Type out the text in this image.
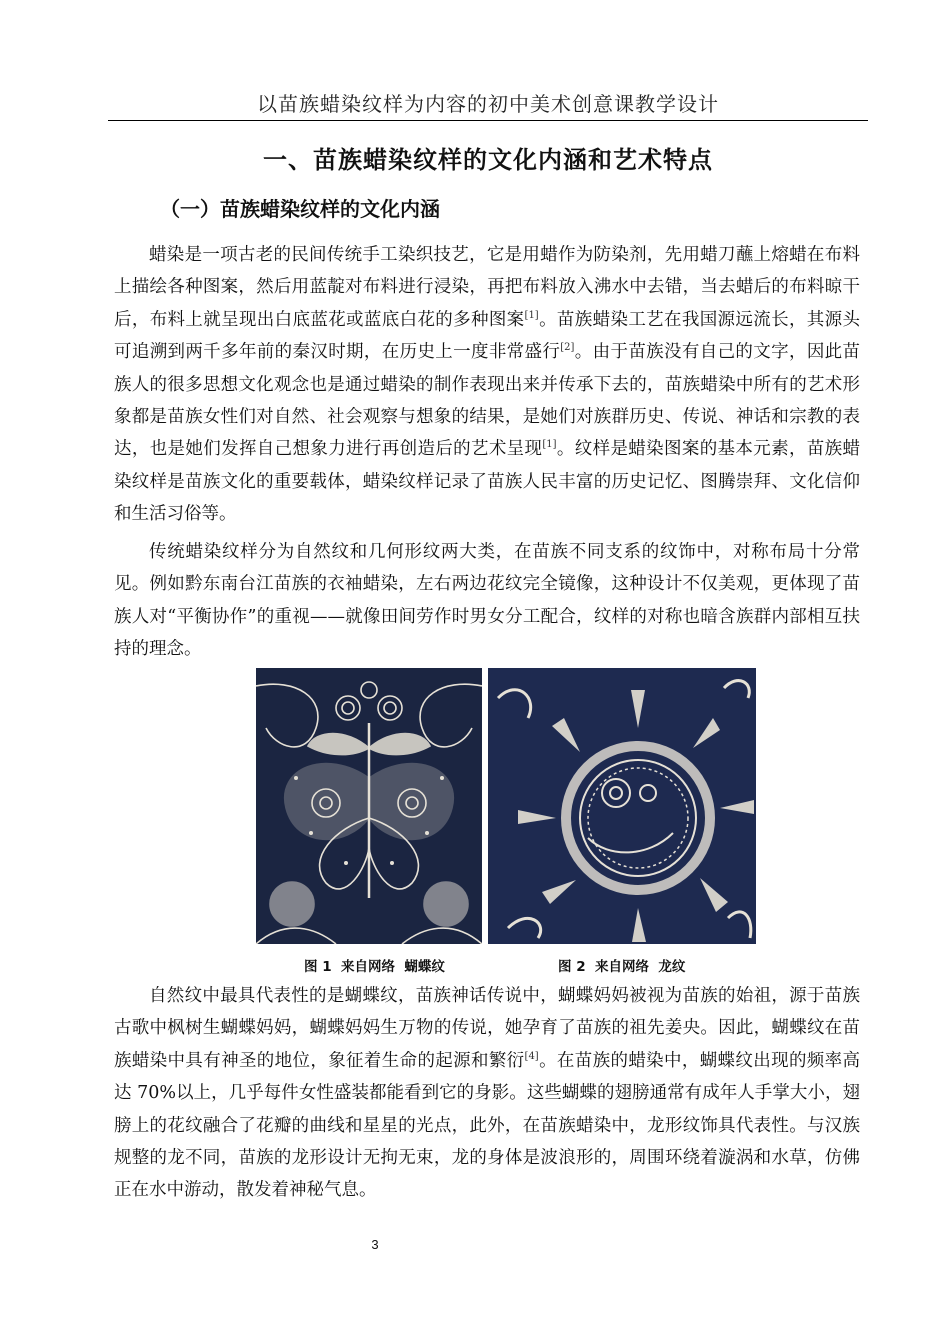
以苗族蜡染纹样为内容的初中美术创意课教学设计
一、苗族蜡染纹样的文化内涵和艺术特点
（一）苗族蜡染纹样的文化内涵

蜡染是一项古老的民间传统手工染织技艺，它是用蜡作为防染剂，先用蜡刀蘸上熔蜡在布料上描绘各种图案，然后用蓝靛对布料进行浸染，再把布料放入沸水中去错，当去蜡后的布料晾干后，布料上就呈现出白底蓝花或蓝底白花的多种图案[1]。苗族蜡染工艺在我国源远流长，其源头可追溯到两千多年前的秦汉时期，在历史上一度非常盛行[2]。由于苗族没有自己的文字，因此苗族人的很多思想文化观念也是通过蜡染的制作表现出来并传承下去的，苗族蜡染中所有的艺术形象都是苗族女性们对自然、社会观察与想象的结果，是她们对族群历史、传说、神话和宗教的表达，也是她们发挥自己想象力进行再创造后的艺术呈现[1]。纹样是蜡染图案的基本元素，苗族蜡染纹样是苗族文化的重要载体，蜡染纹样记录了苗族人民丰富的历史记忆、图腾崇拜、文化信仰和生活习俗等。

传统蜡染纹样分为自然纹和几何形纹两大类，在苗族不同支系的纹饰中，对称布局十分常见。例如黔东南台江苗族的衣袖蜡染，左右两边花纹完全镜像，这种设计不仅美观，更体现了苗族人对“平衡协作”的重视——就像田间劳作时男女分工配合，纹样的对称也暗含族群内部相互扶持的理念。

图 1  来自网络  蝴蝶纹	图 2  来自网络  龙纹

自然纹中最具代表性的是蝴蝶纹，苗族神话传说中，蝴蝶妈妈被视为苗族的始祖，源于苗族古歌中枫树生蝴蝶妈妈，蝴蝶妈妈生万物的传说，她孕育了苗族的祖先姜央。因此，蝴蝶纹在苗族蜡染中具有神圣的地位，象征着生命的起源和繁衍[4]。在苗族的蜡染中，蝴蝶纹出现的频率高达 70%以上，几乎每件女性盛装都能看到它的身影。这些蝴蝶的翅膀通常有成年人手掌大小，翅膀上的花纹融合了花瓣的曲线和星星的光点，此外，在苗族蜡染中，龙形纹饰具代表性。与汉族规整的龙不同，苗族的龙形设计无拘无束，龙的身体是波浪形的，周围环绕着漩涡和水草，仿佛正在水中游动，散发着神秘气息。

3
